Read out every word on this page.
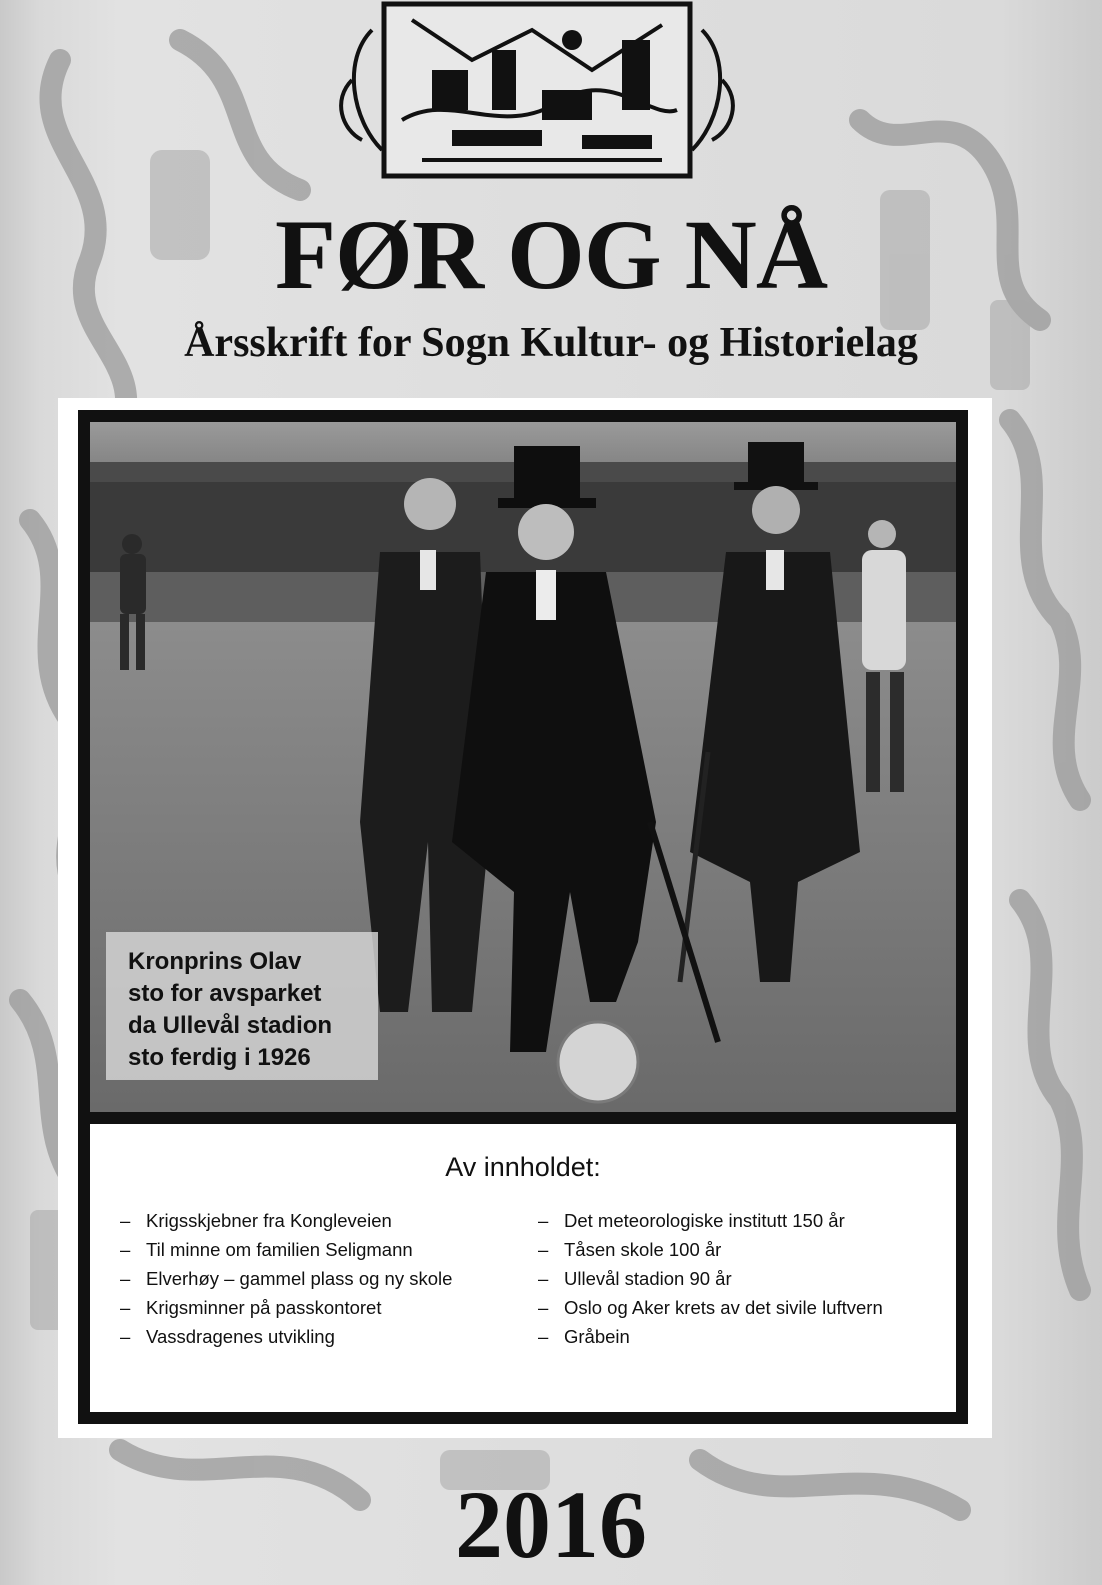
FØR OG NÅ
Årsskrift for Sogn Kultur- og Historielag
Kronprins Olav
sto for avsparket
da Ullevål stadion
sto ferdig i 1926
Av innholdet:
– Krigsskjebner fra Kongleveien
– Til minne om familien Seligmann
– Elverhøy – gammel plass og ny skole
– Krigsminner på passkontoret
– Vassdragenes utvikling
– Det meteorologiske institutt 150 år
– Tåsen skole 100 år
– Ullevål stadion 90 år
– Oslo og Aker krets av det sivile luftvern
– Gråbein
2016
